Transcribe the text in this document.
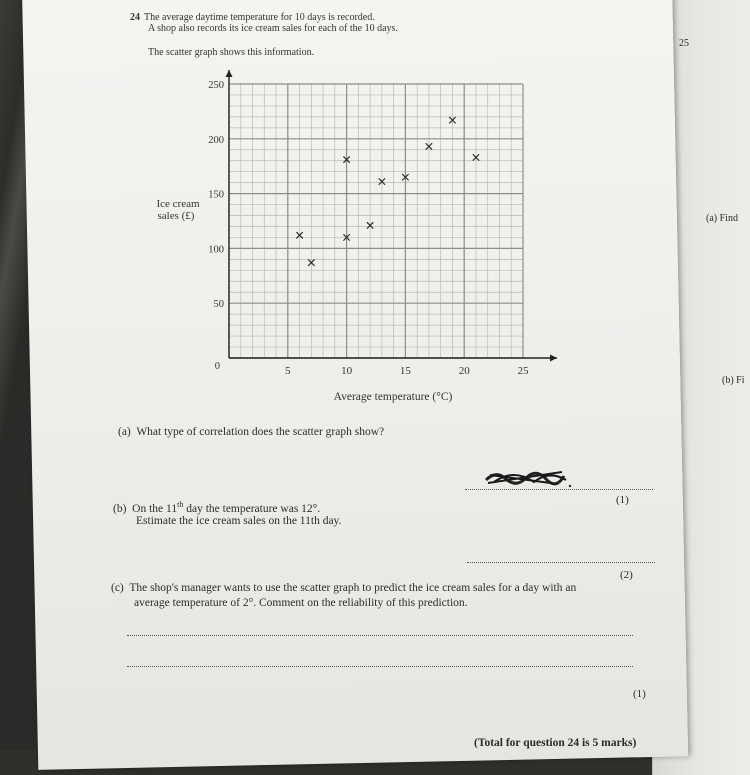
25
(a) Find
(b) Fi
24 The average daytime temperature for 10 days is recorded.
A shop also records its ice cream sales for each of the 10 days.
The scatter graph shows this information.
5	10	15	20	25
0
50
100
150
200
250
Average temperature (°C)
Ice cream
sales (£)
(a) What type of correlation does the scatter graph show?
(1)
(b) On the 11th day the temperature was 12°.
Estimate the ice cream sales on the 11th day.
(2)
(c) The shop's manager wants to use the scatter graph to predict the ice cream sales for a day with an
average temperature of 2°. Comment on the reliability of this prediction.
(1)
(Total for question 24 is 5 marks)
